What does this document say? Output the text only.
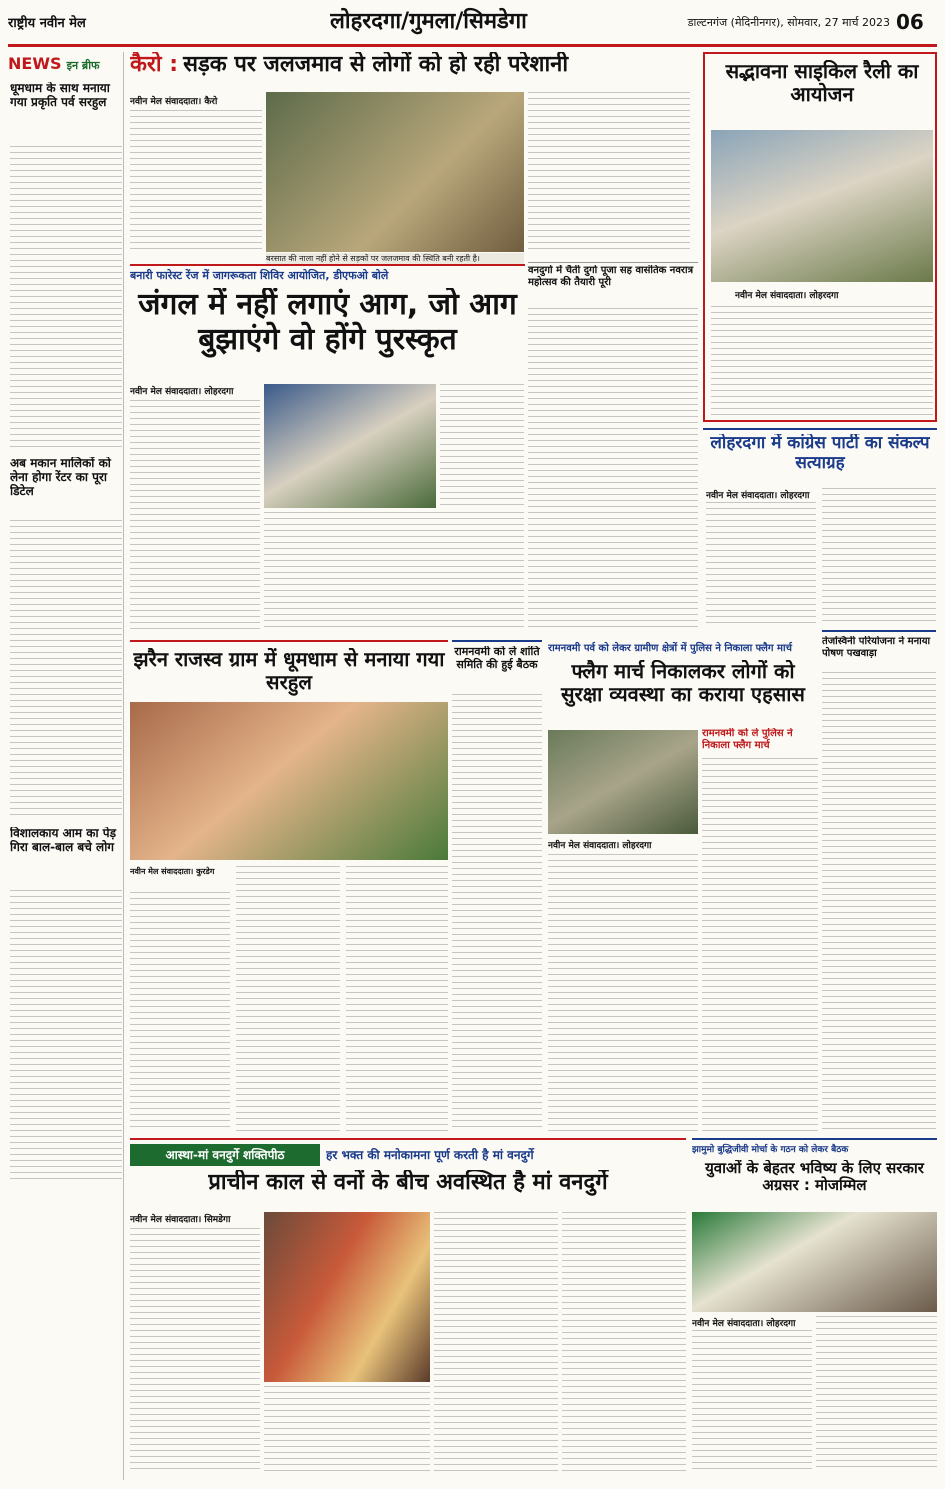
राष्ट्रीय नवीन मेल	लोहरदगा/गुमला/सिमडेगा	डाल्टनगंज (मेदिनीनगर), सोमवार, 27 मार्च 2023 06
NEWS इन ब्रीफ
धूमधाम के साथ मनाया गया प्रकृति पर्व सरहुल
अब मकान मालिकों को लेना होगा रेंटर का पूरा डिटेल
विशालकाय आम का पेड़ गिरा बाल-बाल बचे लोग
कैरो : सड़क पर जलजमाव से लोगों को हो रही परेशानी
नवीन मेल संवाददाता। कैरो
बरसात की नाला नहीं होने से सड़कों पर जलजमाव की स्थिति बनी रहती है।
सद्भावना साइकिल रैली का आयोजन
नवीन मेल संवाददाता। लोहरदगा
वनदुर्गा में चैती दुर्गा पूजा सह वासंतिक नवरात्र महोत्सव की तैयारी पूरी
बनारी फारेस्ट रेंज में जागरूकता शिविर आयोजित, डीएफओ बोले
जंगल में नहीं लगाएं आग, जो आग बुझाएंगे वो होंगे पुरस्कृत
नवीन मेल संवाददाता। लोहरदगा
लोहरदगा में कांग्रेस पार्टी का संकल्प सत्याग्रह
नवीन मेल संवाददाता। लोहरदगा
झरैन राजस्व ग्राम में धूमधाम से मनाया गया सरहुल
नवीन मेल संवाददाता। कुरडेग
रामनवमी को ले शांति समिति की हुई बैठक
रामनवमी पर्व को लेकर ग्रामीण क्षेत्रों में पुलिस ने निकाला फ्लैग मार्च
फ्लैग मार्च निकालकर लोगों को सुरक्षा व्यवस्था का कराया एहसास
नवीन मेल संवाददाता। लोहरदगा
रामनवमी को ले पुलिस ने निकाला फ्लैग मार्च
तेजस्विनी परियोजना ने मनाया पोषण पखवाड़ा
आस्था-मां वनदुर्गे शक्तिपीठ	हर भक्त की मनोकामना पूर्ण करती है मां वनदुर्गे
प्राचीन काल से वनों के बीच अवस्थित है मां वनदुर्गे
नवीन मेल संवाददाता। सिमडेगा
झामुमो बुद्धिजीवी मोर्चा के गठन को लेकर बैठक
युवाओं के बेहतर भविष्य के लिए सरकार अग्रसर : मोजम्मिल
नवीन मेल संवाददाता। लोहरदगा
